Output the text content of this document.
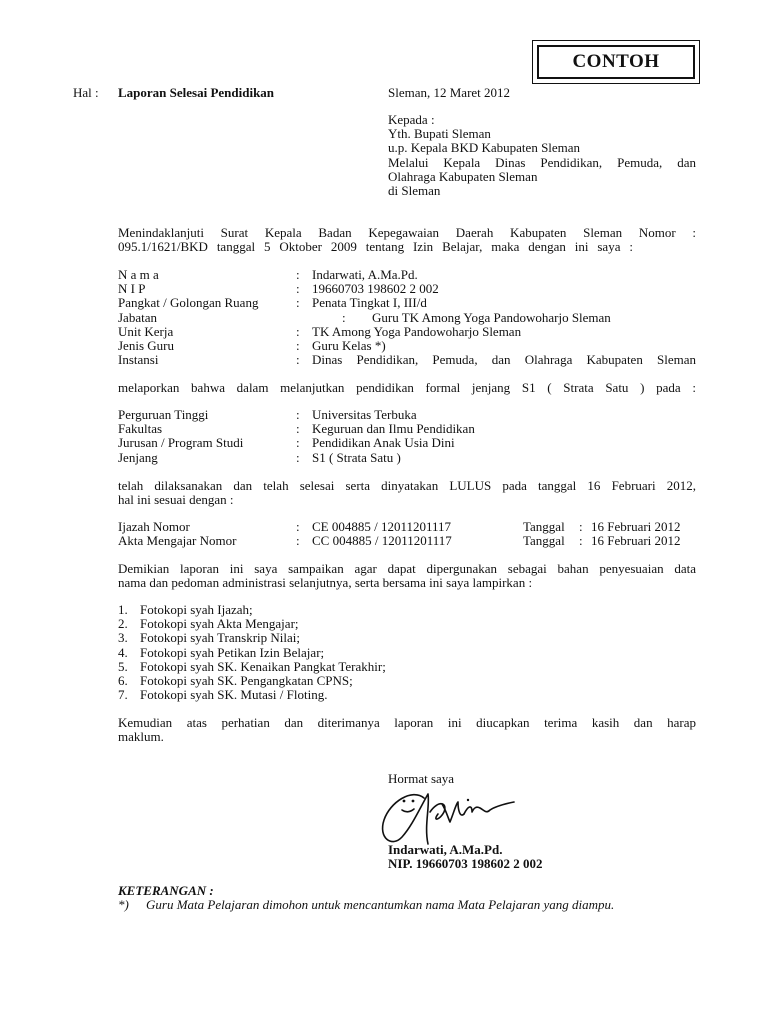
CONTOH
Hal : Laporan Selesai Pendidikan	Sleman, 12 Maret 2012
Kepada :
Yth. Bupati Sleman
u.p. Kepala BKD Kabupaten Sleman
Melalui Kepala Dinas Pendidikan, Pemuda, dan
Olahraga Kabupaten Sleman
di Sleman
Menindaklanjuti Surat Kepala Badan Kepegawaian Daerah Kabupaten Sleman Nomor :
095.1/1621/BKD tanggal 5 Oktober 2009 tentang Izin Belajar, maka dengan ini saya :
N a m a	: Indarwati, A.Ma.Pd.
N I P	: 19660703 198602 2 002
Pangkat / Golongan Ruang	: Penata Tingkat I, III/d
Jabatan	: Guru TK Among Yoga Pandowoharjo Sleman
Unit Kerja	: TK Among Yoga Pandowoharjo Sleman
Jenis Guru	: Guru Kelas *)
Instansi	: Dinas Pendidikan, Pemuda, dan Olahraga Kabupaten Sleman
melaporkan bahwa dalam melanjutkan pendidikan formal jenjang S1 ( Strata Satu ) pada :
Perguruan Tinggi	: Universitas Terbuka
Fakultas	: Keguruan dan Ilmu Pendidikan
Jurusan / Program Studi	: Pendidikan Anak Usia Dini
Jenjang	: S1 ( Strata Satu )
telah dilaksanakan dan telah selesai serta dinyatakan LULUS pada tanggal 16 Februari 2012,
hal ini sesuai dengan :
Ijazah Nomor	: CE 004885 / 12011201117	Tanggal : 16 Februari 2012
Akta Mengajar Nomor	: CC 004885 / 12011201117	Tanggal : 16 Februari 2012
Demikian laporan ini saya sampaikan agar dapat dipergunakan sebagai bahan penyesuaian data
nama dan pedoman administrasi selanjutnya, serta bersama ini saya lampirkan :
1. Fotokopi syah Ijazah;
2. Fotokopi syah Akta Mengajar;
3. Fotokopi syah Transkrip Nilai;
4. Fotokopi syah Petikan Izin Belajar;
5. Fotokopi syah SK. Kenaikan Pangkat Terakhir;
6. Fotokopi syah SK. Pengangkatan CPNS;
7. Fotokopi syah SK. Mutasi / Floting.
Kemudian atas perhatian dan diterimanya laporan ini diucapkan terima kasih dan harap
maklum.
Hormat saya
Indarwati, A.Ma.Pd.
NIP. 19660703 198602 2 002
KETERANGAN :
*) Guru Mata Pelajaran dimohon untuk mencantumkan nama Mata Pelajaran yang diampu.
